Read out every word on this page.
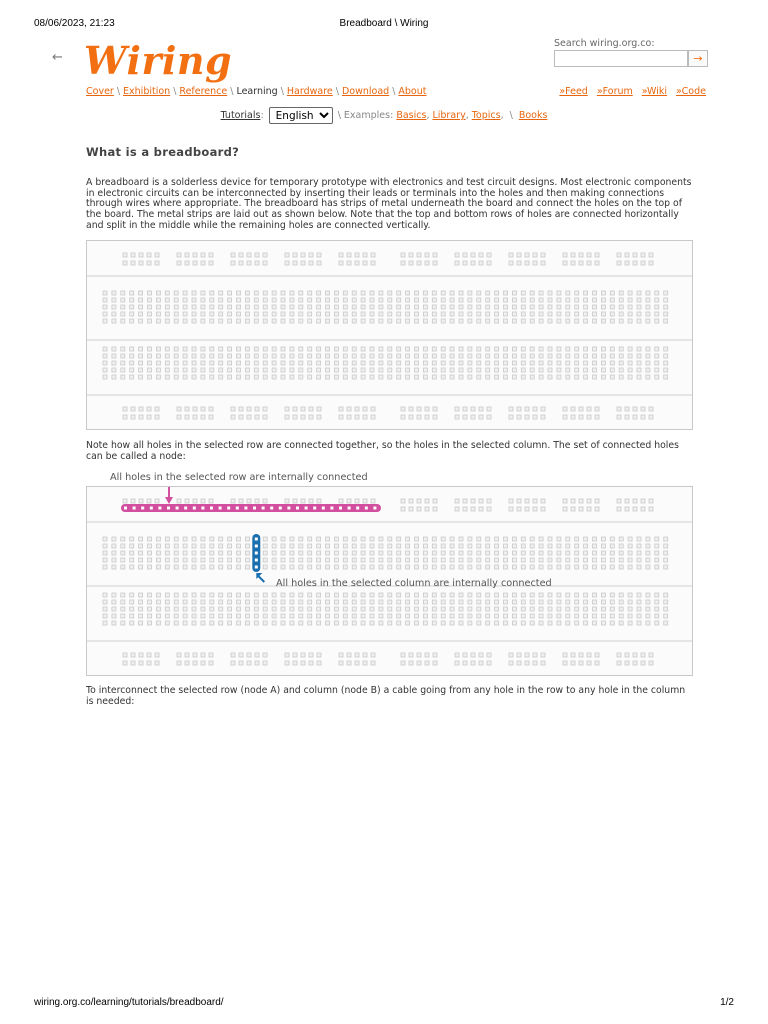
08/06/2023, 21:23	Breadboard \ Wiring
← Wiring	Search wiring.org.co:
→
Cover \ Exhibition \ Reference \ Learning \ Hardware \ Download \ About	»Feed »Forum »Wiki »Code
Tutorials:
English	\ Examples: Basics, Library, Topics, \ Books
What is a breadboard?

A breadboard is a solderless device for temporary prototype with electronics and test circuit designs. Most electronic components in electronic circuits can be interconnected by inserting their leads or terminals into the holes and then making connections through wires where appropriate. The breadboard has strips of metal underneath the board and connect the holes on the top of the board. The metal strips are laid out as shown below. Note that the top and bottom rows of holes are connected horizontally and split in the middle while the remaining holes are connected vertically.

Note how all holes in the selected row are connected together, so the holes in the selected column. The set of connected holes can be called a node:

All holes in the selected row are internally connected
All holes in the selected column are internally connected

To interconnect the selected row (node A) and column (node B) a cable going from any hole in the row to any hole in the column is needed:

wiring.org.co/learning/tutorials/breadboard/	1/2
